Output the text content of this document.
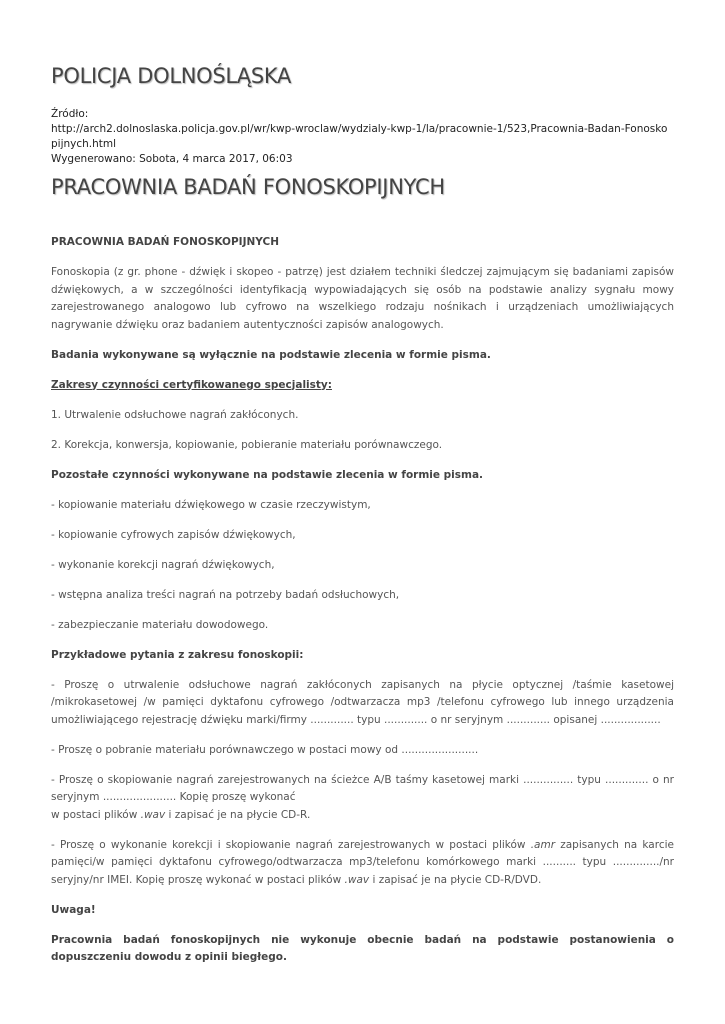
POLICJA DOLNOŚLĄSKA
Źródło:
http://arch2.dolnoslaska.policja.gov.pl/wr/kwp-wroclaw/wydzialy-kwp-1/la/pracownie-1/523,Pracownia-Badan-Fonoskopijnych.html
Wygenerowano: Sobota, 4 marca 2017, 06:03
PRACOWNIA BADAŃ FONOSKOPIJNYCH

PRACOWNIA BADAŃ FONOSKOPIJNYCH

Fonoskopia (z gr. phone - dźwięk i skopeo - patrzę) jest działem techniki śledczej zajmującym się badaniami zapisów dźwiękowych, a w szczególności identyfikacją wypowiadających się osób na podstawie analizy sygnału mowy zarejestrowanego analogowo lub cyfrowo na wszelkiego rodzaju nośnikach i urządzeniach umożliwiających nagrywanie dźwięku oraz badaniem autentyczności zapisów analogowych.

Badania wykonywane są wyłącznie na podstawie zlecenia w formie pisma.

Zakresy czynności certyfikowanego specjalisty:

1. Utrwalenie odsłuchowe nagrań zakłóconych.

2. Korekcja, konwersja, kopiowanie, pobieranie materiału porównawczego.

Pozostałe czynności wykonywane na podstawie zlecenia w formie pisma.

- kopiowanie materiału dźwiękowego w czasie rzeczywistym,

- kopiowanie cyfrowych zapisów dźwiękowych,

- wykonanie korekcji nagrań dźwiękowych,

- wstępna analiza treści nagrań na potrzeby badań odsłuchowych,

- zabezpieczanie materiału dowodowego.

Przykładowe pytania z zakresu fonoskopii:

- Proszę o utrwalenie odsłuchowe nagrań zakłóconych zapisanych na płycie optycznej /taśmie kasetowej /mikrokasetowej /w pamięci dyktafonu cyfrowego /odtwarzacza mp3 /telefonu cyfrowego lub innego urządzenia umożliwiającego rejestrację dźwięku marki/firmy ............. typu ............. o nr seryjnym ............. opisanej ..................

- Proszę o pobranie materiału porównawczego w postaci mowy od .......................

- Proszę o skopiowanie nagrań zarejestrowanych na ścieżce A/B taśmy kasetowej marki ............... typu ............. o nr seryjnym ...................... Kopię proszę wykonać
w postaci plików .wav i zapisać je na płycie CD-R.

- Proszę o wykonanie korekcji i skopiowanie nagrań zarejestrowanych w postaci plików .amr zapisanych na karcie pamięci/w pamięci dyktafonu cyfrowego/odtwarzacza mp3/telefonu komórkowego marki .......... typu ............../nr seryjny/nr IMEI. Kopię proszę wykonać w postaci plików .wav i zapisać je na płycie CD-R/DVD.

Uwaga!

Pracownia badań fonoskopijnych nie wykonuje obecnie badań na podstawie postanowienia o dopuszczeniu dowodu z opinii biegłego.
